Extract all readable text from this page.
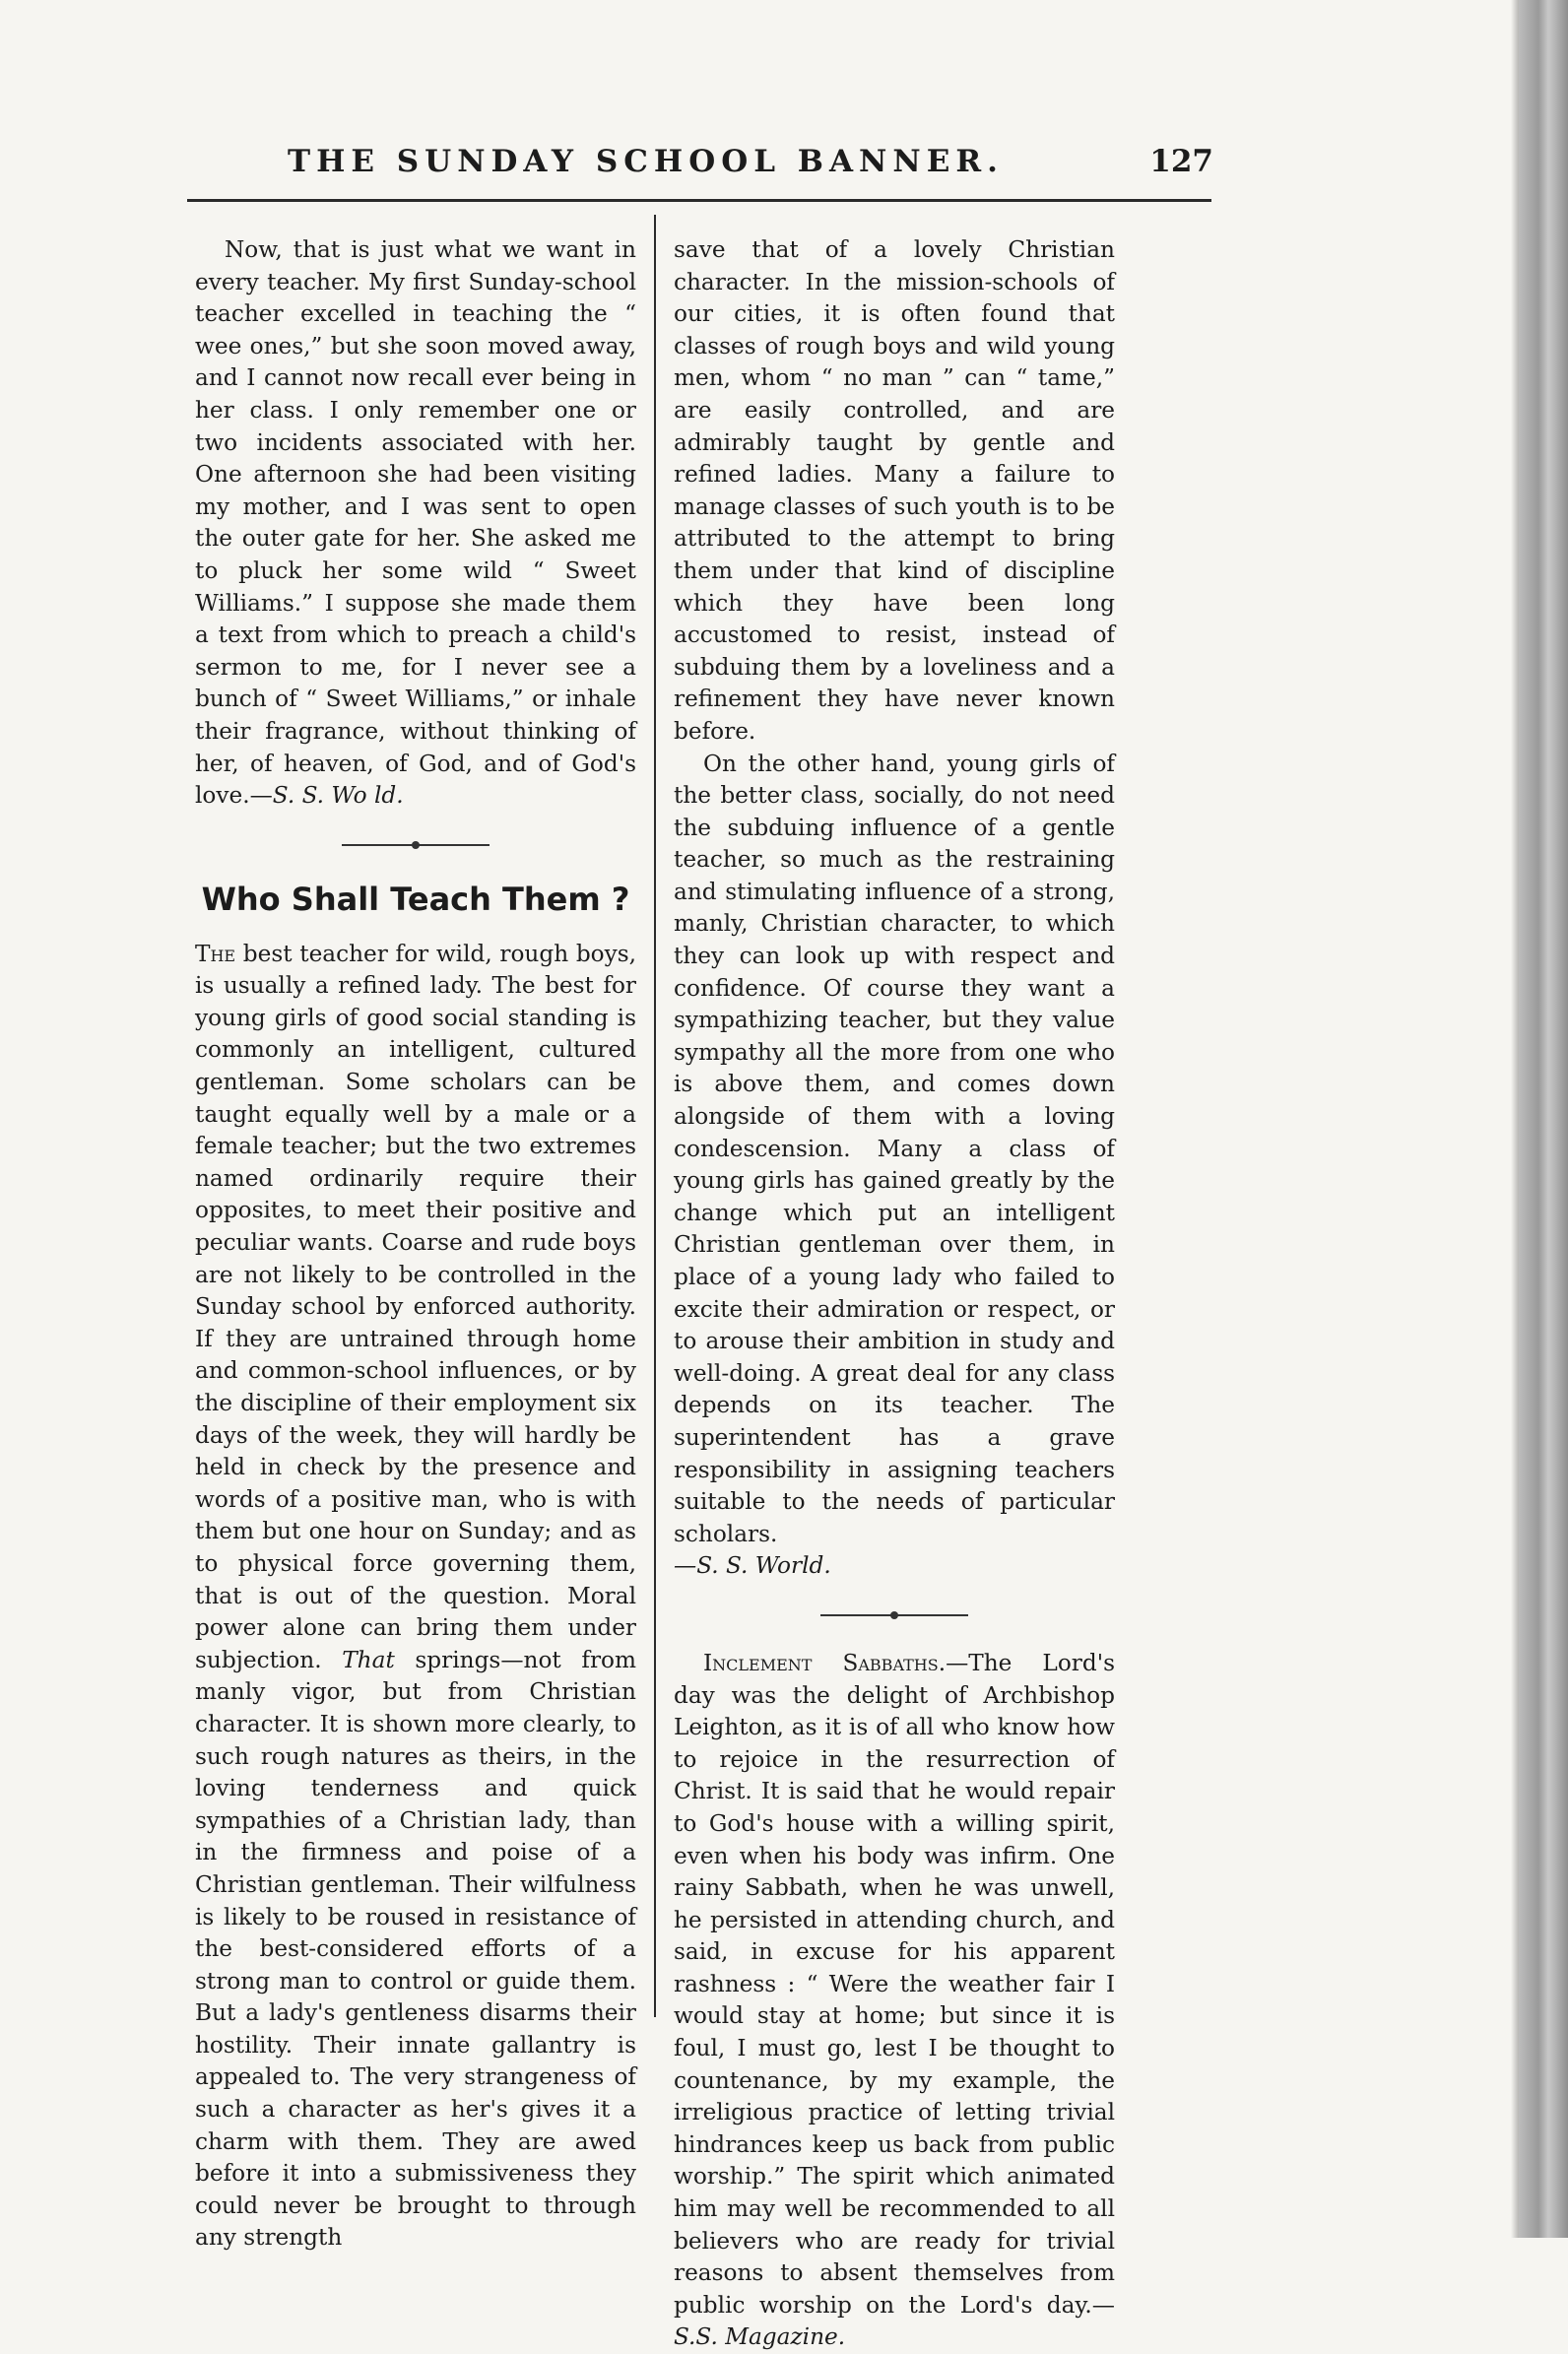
THE SUNDAY SCHOOL BANNER.	127

Now, that is just what we want in every teacher. My first Sunday-school teacher excelled in teaching the “ wee ones,” but she soon moved away, and I cannot now recall ever being in her class. I only remember one or two incidents associated with her. One afternoon she had been visiting my mother, and I was sent to open the outer gate for her. She asked me to pluck her some wild “ Sweet Williams.” I suppose she made them a text from which to preach a child's sermon to me, for I never see a bunch of “ Sweet Williams,” or inhale their fragrance, without thinking of her, of heaven, of God, and of God's love.—S. S. Wo ld.

Who Shall Teach Them ?

The best teacher for wild, rough boys, is usually a refined lady. The best for young girls of good social standing is commonly an intelligent, cultured gentleman. Some scholars can be taught equally well by a male or a female teacher; but the two extremes named ordinarily require their opposites, to meet their positive and peculiar wants. Coarse and rude boys are not likely to be controlled in the Sunday school by enforced authority. If they are untrained through home and common-school influences, or by the discipline of their employment six days of the week, they will hardly be held in check by the presence and words of a positive man, who is with them but one hour on Sunday; and as to physical force governing them, that is out of the question. Moral power alone can bring them under subjection. That springs—not from manly vigor, but from Christian character. It is shown more clearly, to such rough natures as theirs, in the loving tenderness and quick sympathies of a Christian lady, than in the firmness and poise of a Christian gentleman. Their wilfulness is likely to be roused in resistance of the best-considered efforts of a strong man to control or guide them. But a lady's gentleness disarms their hostility. Their innate gallantry is appealed to. The very strangeness of such a character as her's gives it a charm with them. They are awed before it into a submissiveness they could never be brought to through any strength

save that of a lovely Christian character. In the mission-schools of our cities, it is often found that classes of rough boys and wild young men, whom “ no man ” can “ tame,” are easily controlled, and are admirably taught by gentle and refined ladies. Many a failure to manage classes of such youth is to be attributed to the attempt to bring them under that kind of discipline which they have been long accustomed to resist, instead of subduing them by a loveliness and a refinement they have never known before.

On the other hand, young girls of the better class, socially, do not need the subduing influence of a gentle teacher, so much as the restraining and stimulating influence of a strong, manly, Christian character, to which they can look up with respect and confidence. Of course they want a sympathizing teacher, but they value sympathy all the more from one who is above them, and comes down alongside of them with a loving condescension. Many a class of young girls has gained greatly by the change which put an intelligent Christian gentleman over them, in place of a young lady who failed to excite their admiration or respect, or to arouse their ambition in study and well-doing. A great deal for any class depends on its teacher. The superintendent has a grave responsibility in assigning teachers suitable to the needs of particular scholars.
—S. S. World.

Inclement Sabbaths.—The Lord's day was the delight of Archbishop Leighton, as it is of all who know how to rejoice in the resurrection of Christ. It is said that he would repair to God's house with a willing spirit, even when his body was infirm. One rainy Sabbath, when he was unwell, he persisted in attending church, and said, in excuse for his apparent rashness : “ Were the weather fair I would stay at home; but since it is foul, I must go, lest I be thought to countenance, by my example, the irreligious practice of letting trivial hindrances keep us back from public worship.” The spirit which animated him may well be recommended to all believers who are ready for trivial reasons to absent themselves from public worship on the Lord's day.—S.S. Magazine.
